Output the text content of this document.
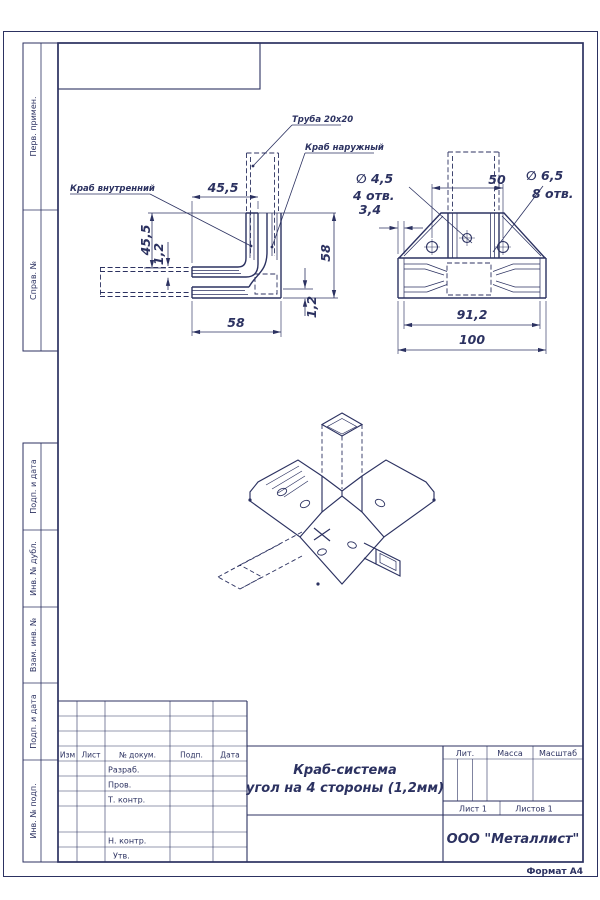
Перв. примен.
Справ. №
Подп. и дата
Инв. № дубл.
Взам. инв. №
Подп. и дата
Инв. № подп.
45,5
45,5
1,2
58
1,2
58
50
3,4
91,2
100
Краб внутренний
Труба 20x20
Краб наружный
∅ 4,5
4 отв.
∅ 6,5
8 отв.
Изм Лист № докум.	Подп. Дата
Разраб.
Пров.
Т. контр.
Н. контр.
Утв.
Краб-система
угол на 4 стороны (1,2мм)
Лит.	Масса Масштаб
Лист 1	Листов 1
ООО "Металлист"
Формат А4
